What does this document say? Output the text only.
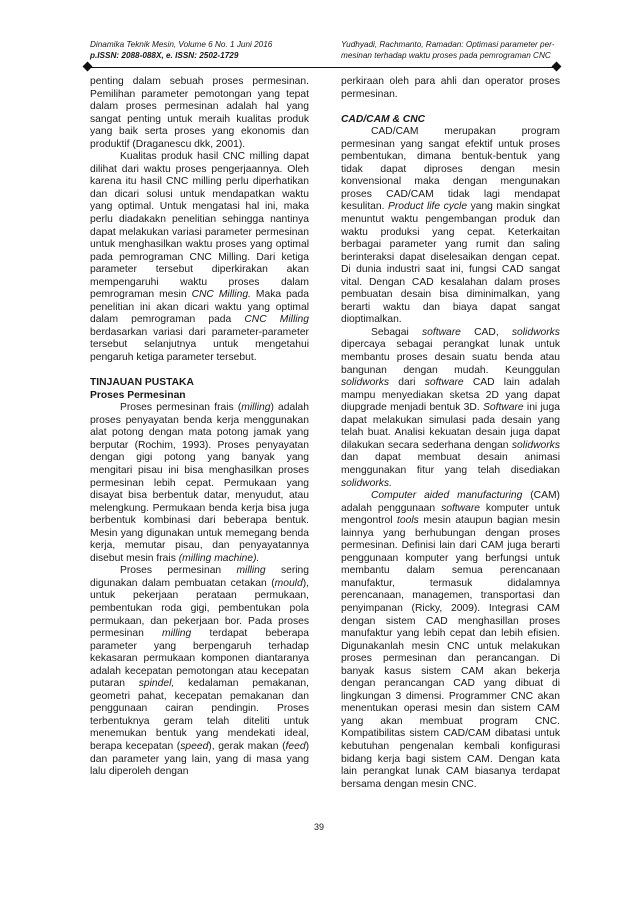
Dinamika Teknik Mesin, Volume 6 No. 1 Juni 2016
p.ISSN: 2088-088X, e. ISSN: 2502-1729
Yudhyadi, Rachmanto, Ramadan: Optimasi parameter per-
mesinan terhadap waktu proses pada pemrograman CNC

penting dalam sebuah proses permesinan. Pemilihan parameter pemotongan yang tepat dalam proses permesinan adalah hal yang sangat penting untuk meraih kualitas produk yang baik serta proses yang ekonomis dan produktif (Draganescu dkk, 2001).

Kualitas produk hasil CNC milling dapat dilihat dari waktu proses pengerjaannya. Oleh karena itu hasil CNC milling perlu diperhatikan dan dicari solusi untuk mendapatkan waktu yang optimal. Untuk mengatasi hal ini, maka perlu diadakakn penelitian sehingga nantinya dapat melakukan variasi parameter permesinan untuk menghasilkan waktu proses yang optimal pada pemrograman CNC Milling. Dari ketiga parameter tersebut diperkirakan akan mempengaruhi waktu proses dalam pemrograman mesin CNC Milling. Maka pada penelitian ini akan dicari waktu yang optimal dalam pemrograman pada CNC Milling berdasarkan variasi dari parameter-parameter tersebut selanjutnya untuk mengetahui pengaruh ketiga parameter tersebut.

TINJAUAN PUSTAKA

Proses Permesinan

Proses permesinan frais (milling) adalah proses penyayatan benda kerja menggunakan alat potong dengan mata potong jamak yang berputar (Rochim, 1993). Proses penyayatan dengan gigi potong yang banyak yang mengitari pisau ini bisa menghasilkan proses permesinan lebih cepat. Permukaan yang disayat bisa berbentuk datar, menyudut, atau melengkung. Permukaan benda kerja bisa juga berbentuk kombinasi dari beberapa bentuk. Mesin yang digunakan untuk memegang benda kerja, memutar pisau, dan penyayatannya disebut mesin frais (milling machine).

Proses permesinan milling sering digunakan dalam pembuatan cetakan (mould), untuk pekerjaan perataan permukaan, pembentukan roda gigi, pembentukan pola permukaan, dan pekerjaan bor. Pada proses permesinan milling terdapat beberapa parameter yang berpengaruh terhadap kekasaran permukaan komponen diantaranya adalah kecepatan pemotongan atau kecepatan putaran spindel, kedalaman pemakanan, geometri pahat, kecepatan pemakanan dan penggunaan cairan pendingin. Proses terbentuknya geram telah diteliti untuk menemukan bentuk yang mendekati ideal, berapa kecepatan (speed), gerak makan (feed) dan parameter yang lain, yang di masa yang lalu diperoleh dengan

perkiraan oleh para ahli dan operator proses permesinan.

CAD/CAM & CNC

CAD/CAM merupakan program permesinan yang sangat efektif untuk proses pembentukan, dimana bentuk-bentuk yang tidak dapat diproses dengan mesin konvensional maka dengan mengunakan proses CAD/CAM tidak lagi mendapat kesulitan. Product life cycle yang makin singkat menuntut waktu pengembangan produk dan waktu produksi yang cepat. Keterkaitan berbagai parameter yang rumit dan saling berinteraksi dapat diselesaikan dengan cepat. Di dunia industri saat ini, fungsi CAD sangat vital. Dengan CAD kesalahan dalam proses pembuatan desain bisa diminimalkan, yang berarti waktu dan biaya dapat sangat dioptimalkan.

Sebagai software CAD, solidworks dipercaya sebagai perangkat lunak untuk membantu proses desain suatu benda atau bangunan dengan mudah. Keunggulan solidworks dari software CAD lain adalah mampu menyediakan sketsa 2D yang dapat diupgrade menjadi bentuk 3D. Software ini juga dapat melakukan simulasi pada desain yang telah buat. Analisi kekuatan desain juga dapat dilakukan secara sederhana dengan solidworks dan dapat membuat desain animasi menggunakan fitur yang telah disediakan solidworks.

Computer aided manufacturing (CAM) adalah penggunaan software komputer untuk mengontrol tools mesin ataupun bagian mesin lainnya yang berhubungan dengan proses permesinan. Definisi lain dari CAM juga berarti penggunaan komputer yang berfungsi untuk membantu dalam semua perencanaan manufaktur, termasuk didalamnya perencanaan, managemen, transportasi dan penyimpanan (Ricky, 2009). Integrasi CAM dengan sistem CAD menghasillan proses manufaktur yang lebih cepat dan lebih efisien. Digunakanlah mesin CNC untuk melakukan proses permesinan dan perancangan. Di banyak kasus sistem CAM akan bekerja dengan perancangan CAD yang dibuat di lingkungan 3 dimensi. Programmer CNC akan menentukan operasi mesin dan sistem CAM yang akan membuat program CNC. Kompatibilitas sistem CAD/CAM dibatasi untuk kebutuhan pengenalan kembali konfigurasi bidang kerja bagi sistem CAM. Dengan kata lain perangkat lunak CAM biasanya terdapat bersama dengan mesin CNC.

39
